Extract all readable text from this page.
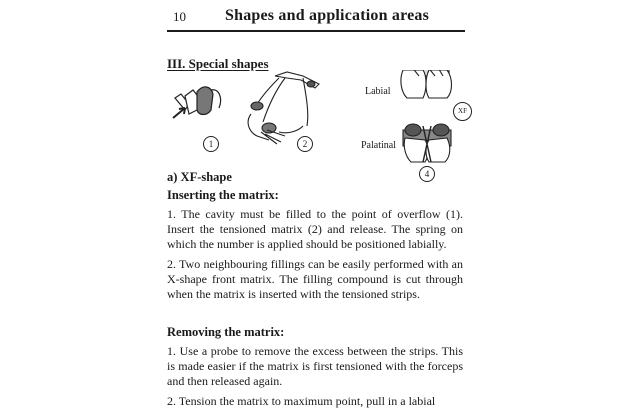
10 Shapes and application areas
III. Special shapes
1	2
4
Labial
Palatinal
XF
a) XF-shape
Inserting the matrix:

1. The cavity must be filled to the point of overflow (1). Insert the tensioned matrix (2) and release. The spring on which the number is applied should be positioned labially.

2. Two neighbouring fillings can be easily performed with an X-shape front matrix. The filling compound is cut through when the matrix is inserted with the tensioned strips.

Removing the matrix:

1. Use a probe to remove the excess between the strips. This is made easier if the matrix is first tensioned with the forceps and then released again.

2. Tension the matrix to maximum point, pull in a labial
